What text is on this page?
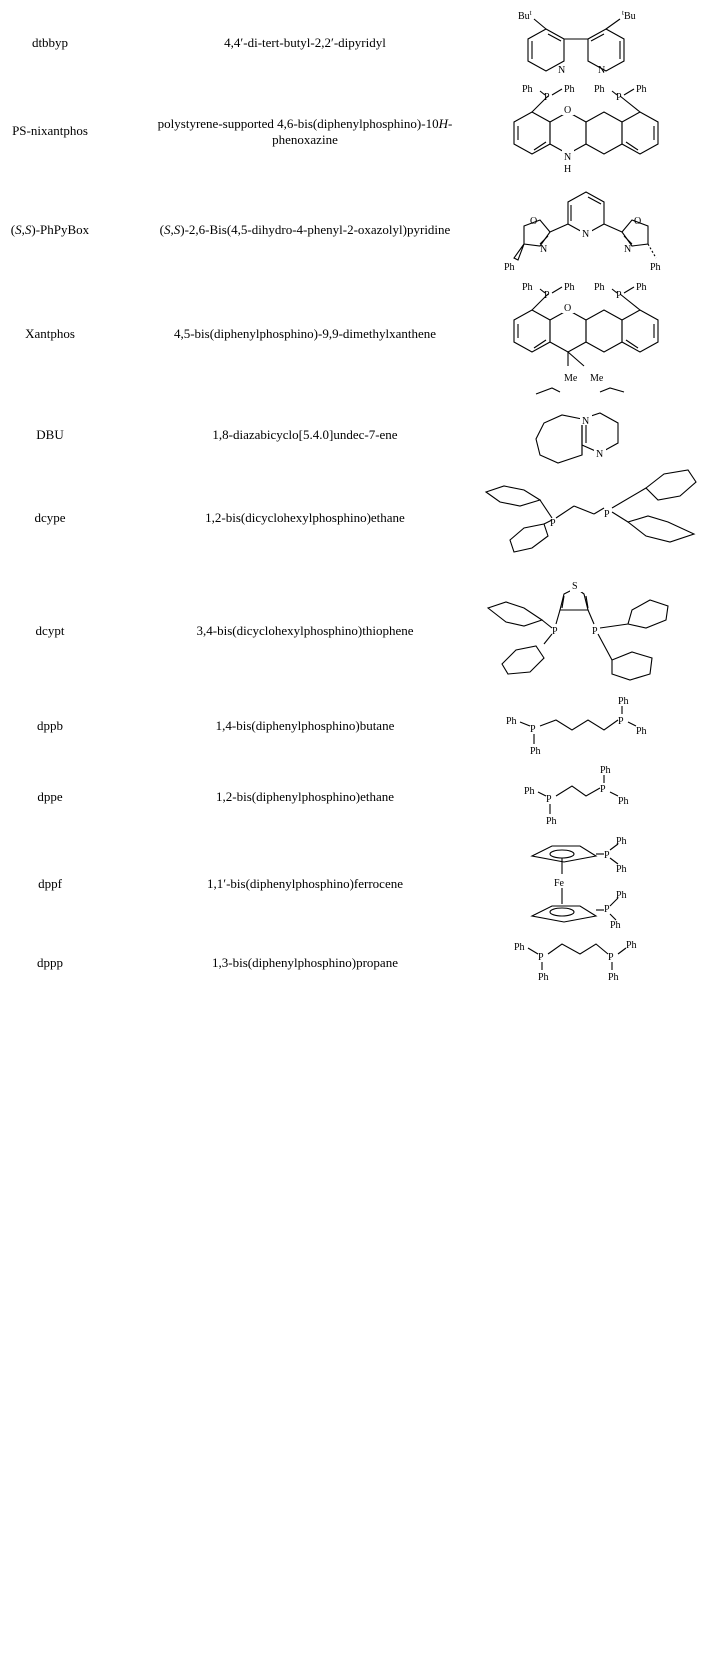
dtbbyp	4,4′-di-tert-butyl-2,2′-dipyridyl
Bu$^t$	$^t$Bu
N	N
PS-nixantphos	polystyrene-supported 4,6-bis(diphenylphosphino)-10H-phenoxazine
O
N
H
P	P
Ph	Ph Ph	Ph
(S,S)-PhPyBox	(S,S)-2,6-Bis(4,5-dihydro-4-phenyl-2-oxazolyl)pyridine	N
O	O
N	N
Ph	Ph
Xantphos	4,5-bis(diphenylphosphino)-9,9-dimethylxanthene
O
Me Me
P	P
Ph	Ph Ph	Ph
DBU	1,8-diazabicyclo[5.4.0]undec-7-ene
N
N
dcype	1,2-bis(dicyclohexylphosphino)ethane	P
P
dcypt	3,4-bis(dicyclohexylphosphino)thiophene
S
P	P
dppb	1,4-bis(diphenylphosphino)butane	Ph
P
Ph
P
Ph
Ph
dppe	1,2-bis(diphenylphosphino)ethane	Ph
P
Ph
P
Ph
Ph
dppf	1,1′-bis(diphenylphosphino)ferrocene	Fe
P
P
Ph
Ph
Ph
Ph
dppp	1,3-bis(diphenylphosphino)propane
Ph
P
Ph
P
Ph
Ph
